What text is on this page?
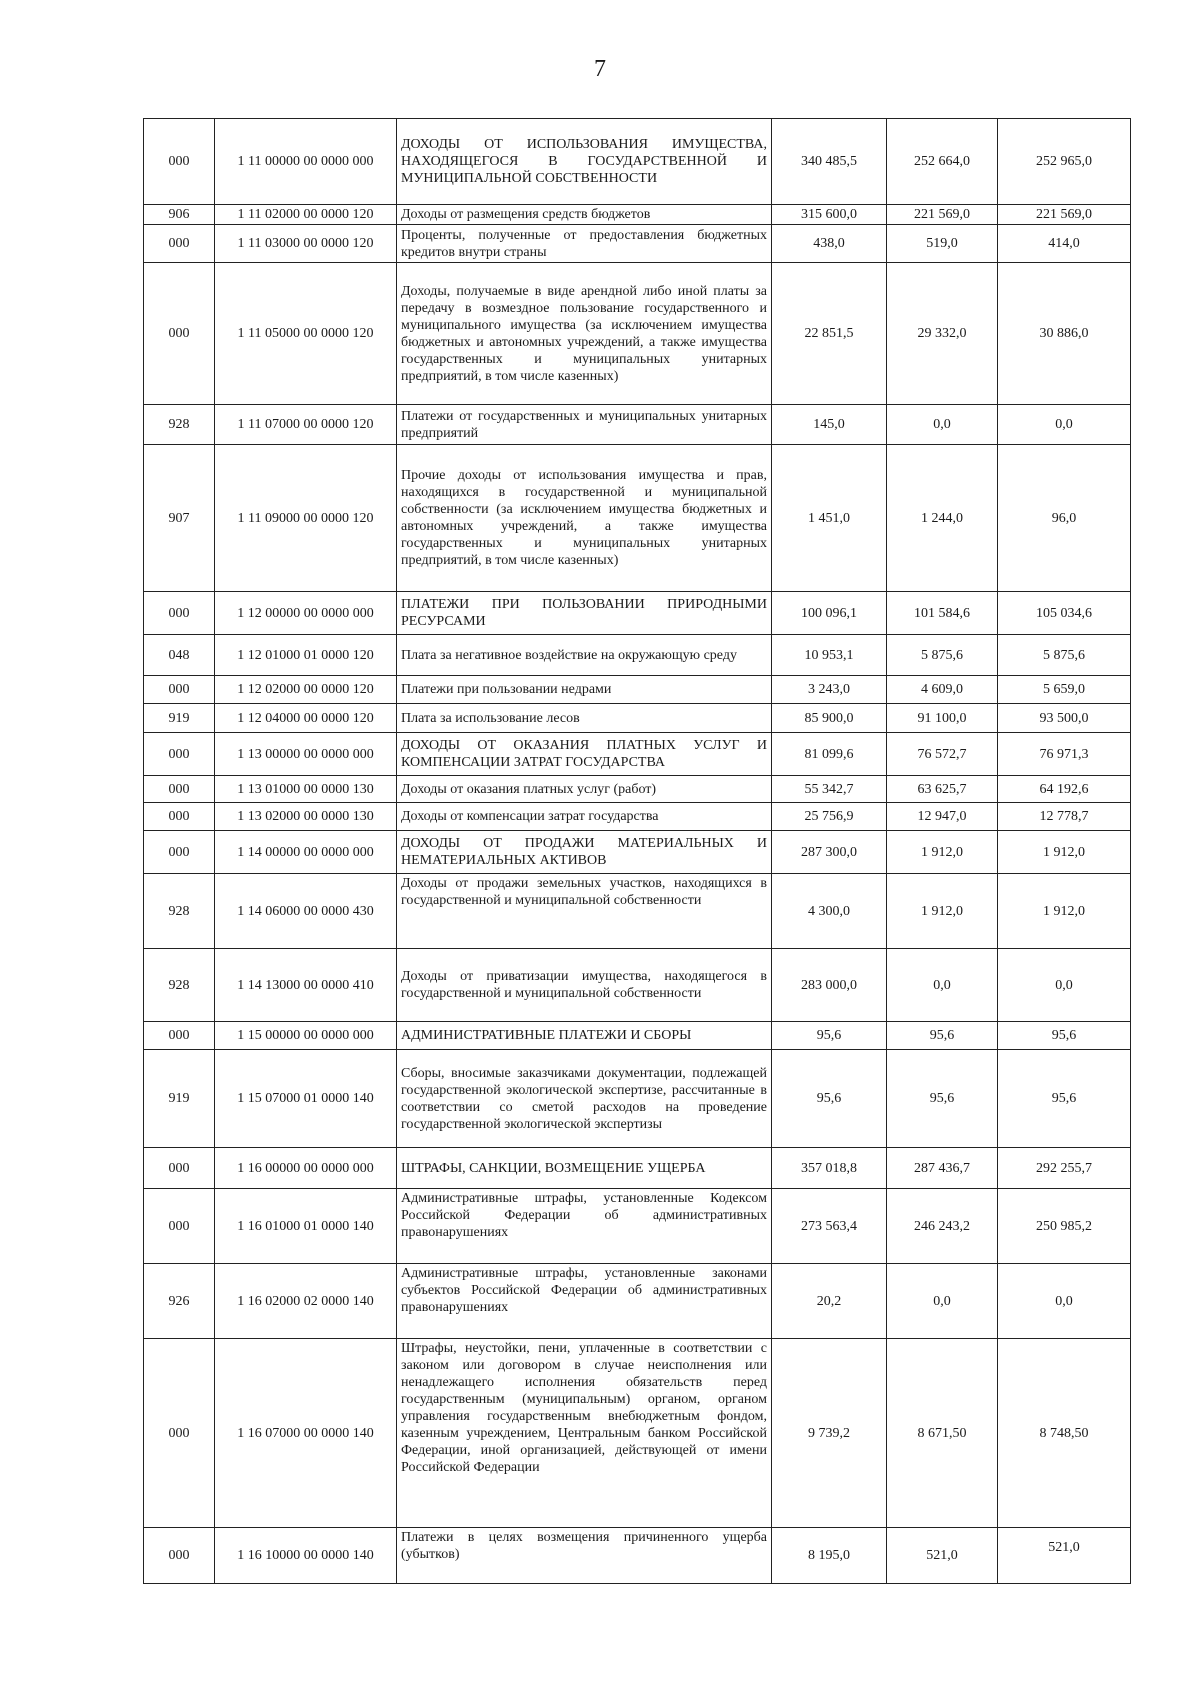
7
000	1 11 00000 00 0000 000	ДОХОДЫ ОТ ИСПОЛЬЗОВАНИЯ ИМУЩЕСТВА, НАХОДЯЩЕГОСЯ В ГОСУДАРСТВЕННОЙ И МУНИЦИПАЛЬНОЙ СОБСТВЕННОСТИ	340 485,5	252 664,0	252 965,0
906	1 11 02000 00 0000 120	Доходы от размещения средств бюджетов	315 600,0	221 569,0	221 569,0
000	1 11 03000 00 0000 120	Проценты, полученные от предоставления бюджетных кредитов внутри страны	438,0	519,0	414,0
000	1 11 05000 00 0000 120	Доходы, получаемые в виде арендной либо иной платы за передачу в возмездное пользование государственного и муниципального имущества (за исключением имущества бюджетных и автономных учреждений, а также имущества государственных и муниципальных унитарных предприятий, в том числе казенных)	22 851,5	29 332,0	30 886,0
928	1 11 07000 00 0000 120	Платежи от государственных и муниципальных унитарных предприятий	145,0	0,0	0,0
907	1 11 09000 00 0000 120	Прочие доходы от использования имущества и прав, находящихся в государственной и муниципальной собственности (за исключением имущества бюджетных и автономных учреждений, а также имущества государственных и муниципальных унитарных предприятий, в том числе казенных)	1 451,0	1 244,0	96,0
000	1 12 00000 00 0000 000	ПЛАТЕЖИ ПРИ ПОЛЬЗОВАНИИ ПРИРОДНЫМИ РЕСУРСАМИ	100 096,1	101 584,6	105 034,6
048	1 12 01000 01 0000 120	Плата за негативное воздействие на окружающую среду	10 953,1	5 875,6	5 875,6
000	1 12 02000 00 0000 120	Платежи при пользовании недрами	3 243,0	4 609,0	5 659,0
919	1 12 04000 00 0000 120	Плата за использование лесов	85 900,0	91 100,0	93 500,0
000	1 13 00000 00 0000 000	ДОХОДЫ ОТ ОКАЗАНИЯ ПЛАТНЫХ УСЛУГ И КОМПЕНСАЦИИ ЗАТРАТ ГОСУДАРСТВА	81 099,6	76 572,7	76 971,3
000	1 13 01000 00 0000 130	Доходы от оказания платных услуг (работ)	55 342,7	63 625,7	64 192,6
000	1 13 02000 00 0000 130	Доходы от компенсации затрат государства	25 756,9	12 947,0	12 778,7
000	1 14 00000 00 0000 000	ДОХОДЫ ОТ ПРОДАЖИ МАТЕРИАЛЬНЫХ И НЕМАТЕРИАЛЬНЫХ АКТИВОВ	287 300,0	1 912,0	1 912,0
928	1 14 06000 00 0000 430	Доходы от продажи земельных участков, находящихся в государственной и муниципальной собственности	4 300,0	1 912,0	1 912,0
928	1 14 13000 00 0000 410	Доходы от приватизации имущества, находящегося в государственной и муниципальной собственности	283 000,0	0,0	0,0
000	1 15 00000 00 0000 000	АДМИНИСТРАТИВНЫЕ ПЛАТЕЖИ И СБОРЫ	95,6	95,6	95,6
919	1 15 07000 01 0000 140	Сборы, вносимые заказчиками документации, подлежащей государственной экологической экспертизе, рассчитанные в соответствии со сметой расходов на проведение государственной экологической экспертизы	95,6	95,6	95,6
000	1 16 00000 00 0000 000	ШТРАФЫ, САНКЦИИ, ВОЗМЕЩЕНИЕ УЩЕРБА	357 018,8	287 436,7	292 255,7
000	1 16 01000 01 0000 140	Административные штрафы, установленные Кодексом Российской Федерации об административных правонарушениях	273 563,4	246 243,2	250 985,2
926	1 16 02000 02 0000 140	Административные штрафы, установленные законами субъектов Российской Федерации об административных правонарушениях	20,2	0,0	0,0
000	1 16 07000 00 0000 140	Штрафы, неустойки, пени, уплаченные в соответствии с законом или договором в случае неисполнения или ненадлежащего исполнения обязательств перед государственным (муниципальным) органом, органом управления государственным внебюджетным фондом, казенным учреждением, Центральным банком Российской Федерации, иной организацией, действующей от имени Российской Федерации	9 739,2	8 671,50	8 748,50
000	1 16 10000 00 0000 140	Платежи в целях возмещения причиненного ущерба (убытков)	8 195,0	521,0	521,0
